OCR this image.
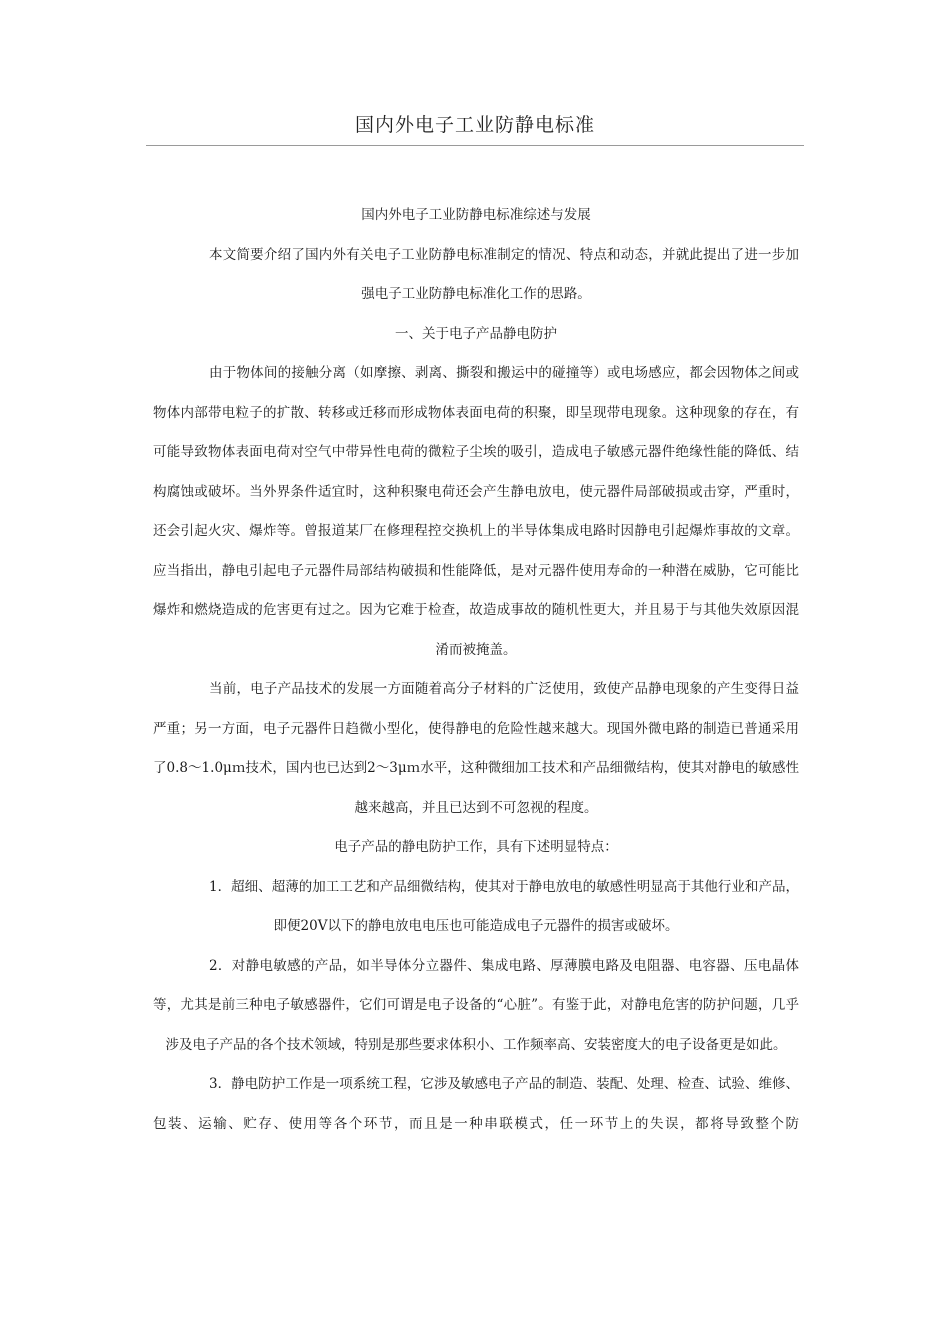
国内外电子工业防静电标准

国内外电子工业防静电标准综述与发展

本文简要介绍了国内外有关电子工业防静电标准制定的情况、特点和动态，并就此提出了进一步加强电子工业防静电标准化工作的思路。

一、关于电子产品静电防护

由于物体间的接触分离（如摩擦、剥离、撕裂和搬运中的碰撞等）或电场感应，都会因物体之间或物体内部带电粒子的扩散、转移或迁移而形成物体表面电荷的积聚，即呈现带电现象。这种现象的存在，有可能导致物体表面电荷对空气中带异性电荷的微粒子尘埃的吸引，造成电子敏感元器件绝缘性能的降低、结构腐蚀或破坏。当外界条件适宜时，这种积聚电荷还会产生静电放电，使元器件局部破损或击穿，严重时，还会引起火灾、爆炸等。曾报道某厂在修理程控交换机上的半导体集成电路时因静电引起爆炸事故的文章。应当指出，静电引起电子元器件局部结构破损和性能降低，是对元器件使用寿命的一种潜在威胁，它可能比爆炸和燃烧造成的危害更有过之。因为它难于检查，故造成事故的随机性更大，并且易于与其他失效原因混淆而被掩盖。

当前，电子产品技术的发展一方面随着高分子材料的广泛使用，致使产品静电现象的产生变得日益严重；另一方面，电子元器件日趋微小型化，使得静电的危险性越来越大。现国外微电路的制造已普通采用了0.8～1.0μｍ技术，国内也已达到2～3μｍ水平，这种微细加工技术和产品细微结构，使其对静电的敏感性越来越高，并且已达到不可忽视的程度。

电子产品的静电防护工作，具有下述明显特点：

1．超细、超薄的加工工艺和产品细微结构，使其对于静电放电的敏感性明显高于其他行业和产品，即便20V以下的静电放电电压也可能造成电子元器件的损害或破坏。

2．对静电敏感的产品，如半导体分立器件、集成电路、厚薄膜电路及电阻器、电容器、压电晶体等，尤其是前三种电子敏感器件，它们可谓是电子设备的“心脏”。有鉴于此，对静电危害的防护问题，几乎涉及电子产品的各个技术领域，特别是那些要求体积小、工作频率高、安装密度大的电子设备更是如此。

3．静电防护工作是一项系统工程，它涉及敏感电子产品的制造、装配、处理、检查、试验、维修、包装、运输、贮存、使用等各个环节，而且是一种串联模式，任一环节上的失误，都将导致整个防
